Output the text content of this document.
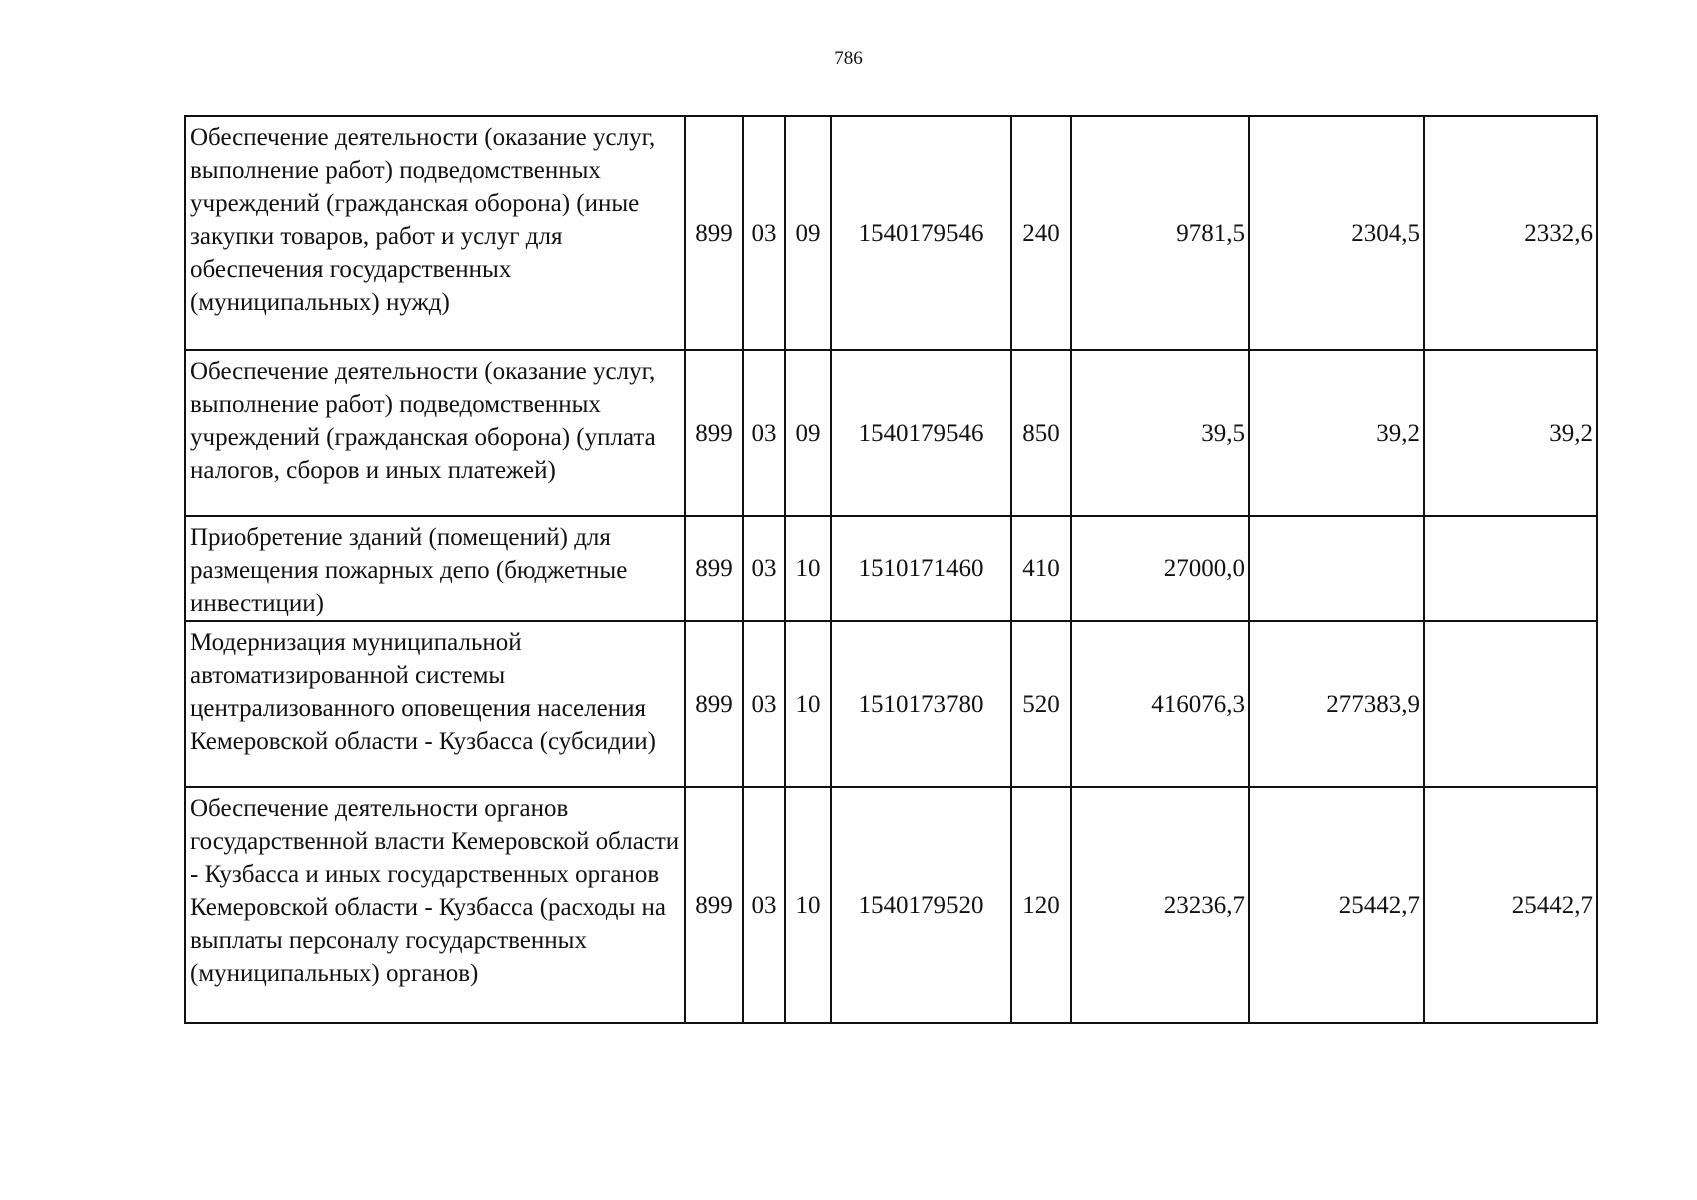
786
Обеспечение деятельности (оказание услуг, выполнение работ) подведомственных учреждений (гражданская оборона) (иные закупки товаров, работ и услуг для обеспечения государственных (муниципальных) нужд)	899	03	09	1540179546	240	9781,5	2304,5	2332,6
Обеспечение деятельности (оказание услуг, выполнение работ) подведомственных учреждений (гражданская оборона) (уплата налогов, сборов и иных платежей)	899	03	09	1540179546	850	39,5	39,2	39,2
Приобретение зданий (помещений) для размещения пожарных депо (бюджетные инвестиции)	899	03	10	1510171460	410	27000,0		
Модернизация муниципальной автоматизированной системы централизованного оповещения населения Кемеровской области - Кузбасса (субсидии)	899	03	10	1510173780	520	416076,3	277383,9	
Обеспечение деятельности органов государственной власти Кемеровской области - Кузбасса и иных государственных органов Кемеровской области - Кузбасса (расходы на выплаты персоналу государственных (муниципальных) органов)	899	03	10	1540179520	120	23236,7	25442,7	25442,7
